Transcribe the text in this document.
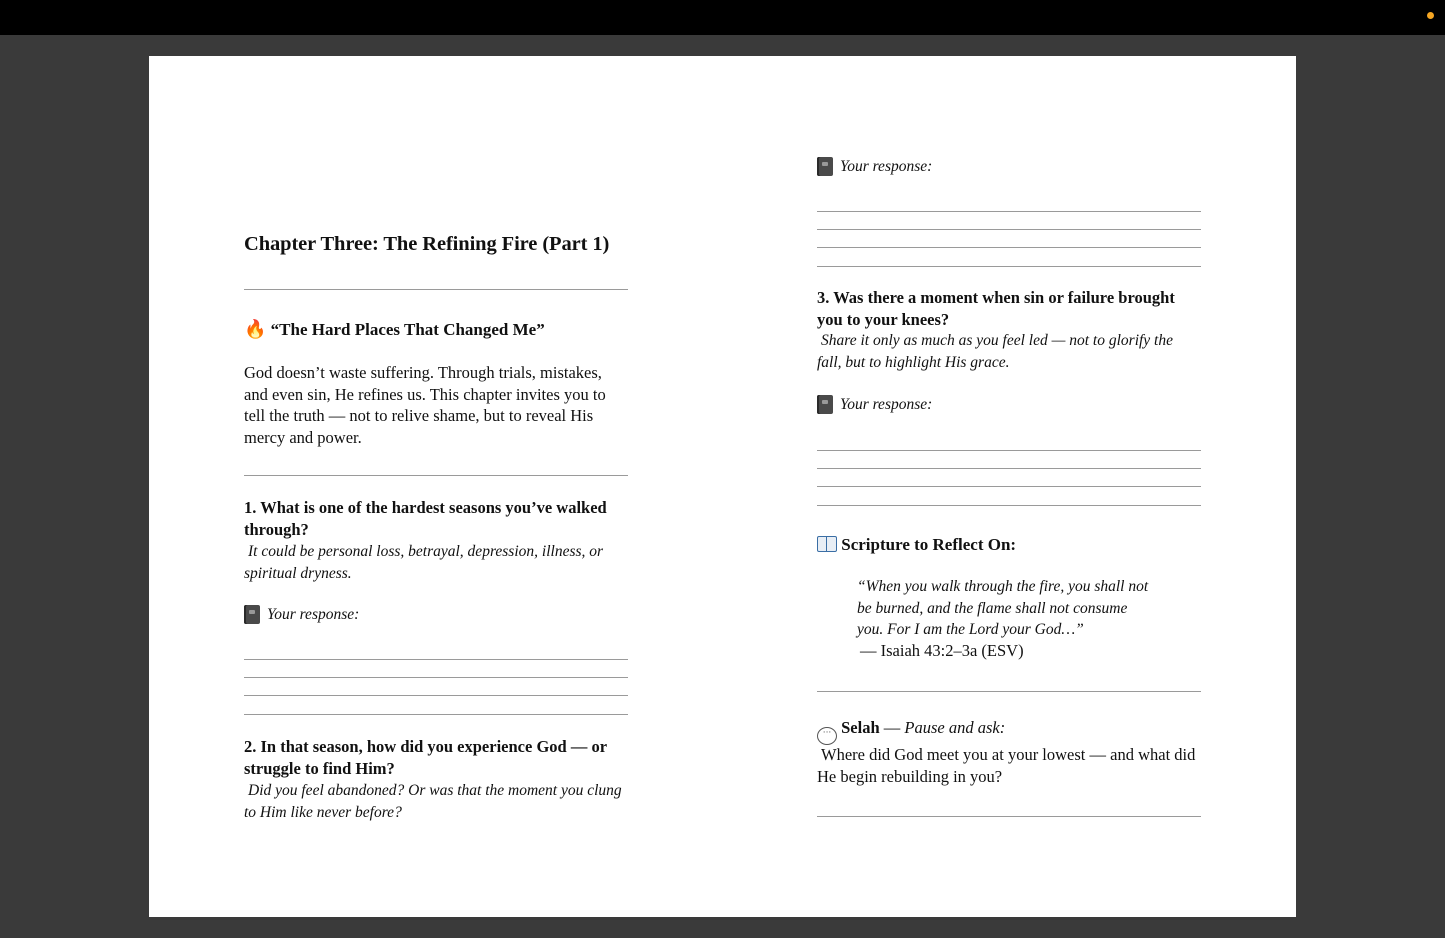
Chapter Three: The Refining Fire (Part 1)
🔥 “The Hard Places That Changed Me”

God doesn’t waste suffering. Through trials, mistakes, and even sin, He refines us. This chapter invites you to tell the truth — not to relive shame, but to reveal His mercy and power.

1. What is one of the hardest seasons you’ve walked through?
It could be personal loss, betrayal, depression, illness, or spiritual dryness.
Your response:
2. In that season, how did you experience God — or struggle to find Him?
Did you feel abandoned? Or was that the moment you clung to Him like never before?
Your response:
3. Was there a moment when sin or failure brought you to your knees?
Share it only as much as you feel led — not to glorify the fall, but to highlight His grace.
Your response:
Scripture to Reflect On:
“When you walk through the fire, you shall not be burned, and the flame shall not consume you. For I am the Lord your God…”
— Isaiah 43:2–3a (ESV)
··· Selah — Pause and ask:
Where did God meet you at your lowest — and what did He begin rebuilding in you?
